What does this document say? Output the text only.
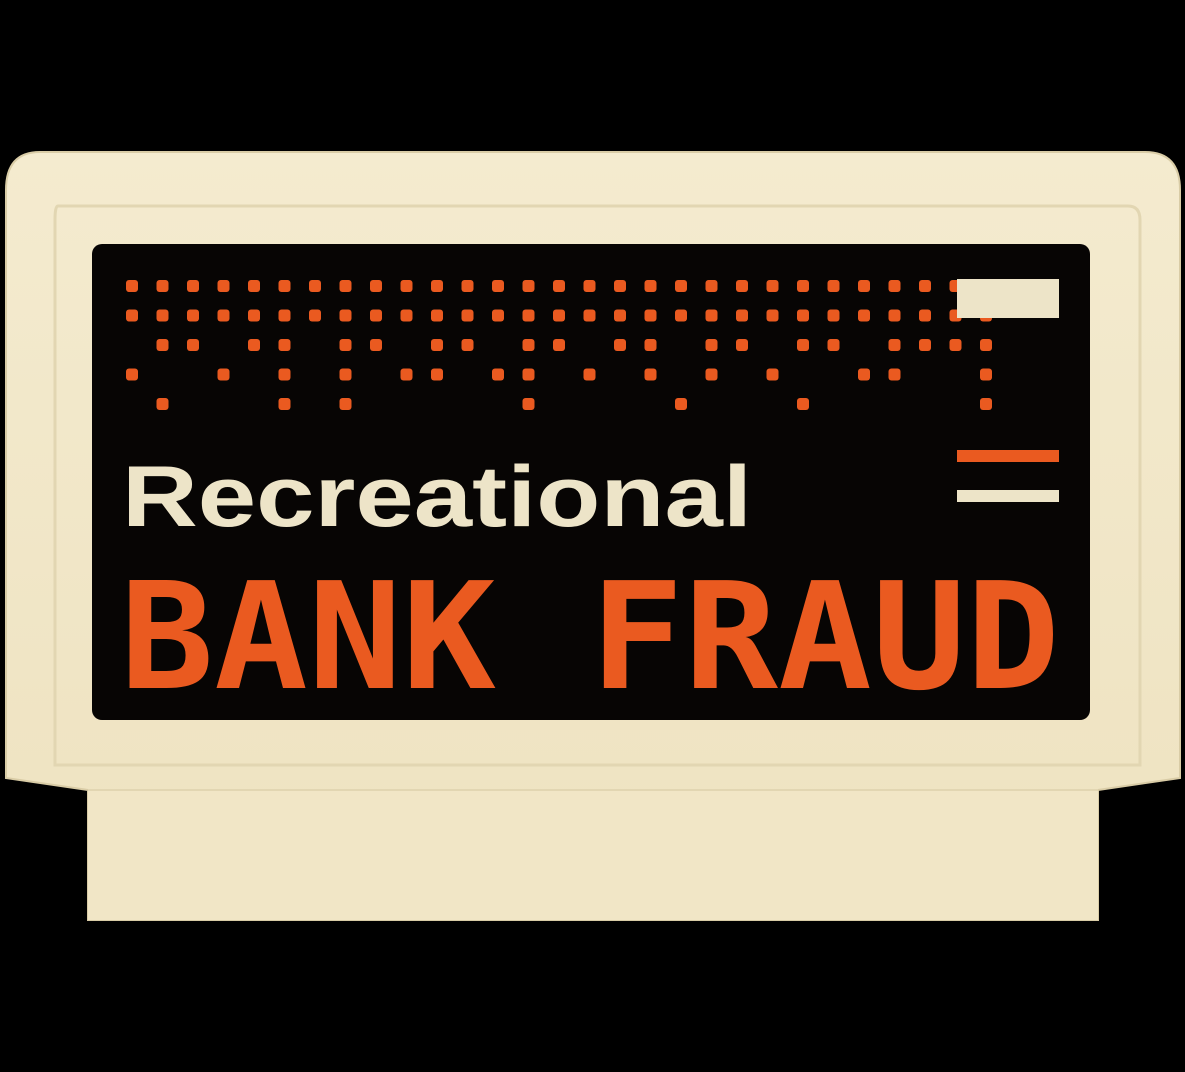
Recreational
BANK FRAUD
